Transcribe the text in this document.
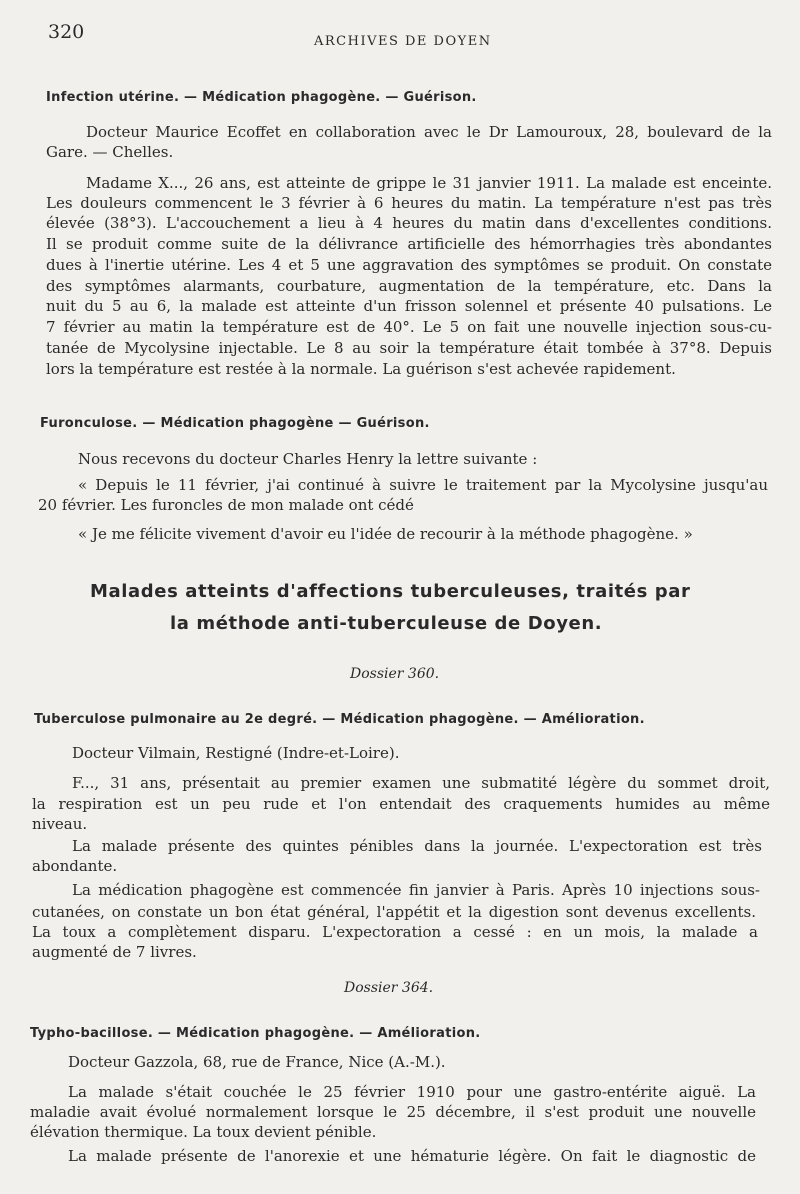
320	ARCHIVES DE DOYEN
Infection utérine. — Médication phagogène. — Guérison.
Docteur Maurice Ecoffet en collaboration avec le Dr Lamouroux, 28, boulevard de la
Gare. — Chelles.
Madame X..., 26 ans, est atteinte de grippe le 31 janvier 1911. La malade est enceinte.
Les douleurs commencent le 3 février à 6 heures du matin. La température n'est pas très
élevée (38°3). L'accouchement a lieu à 4 heures du matin dans d'excellentes conditions.
Il se produit comme suite de la délivrance artificielle des hémorrhagies très abondantes
dues à l'inertie utérine. Les 4 et 5 une aggravation des symptômes se produit. On constate
des symptômes alarmants, courbature, augmentation de la température, etc. Dans la
nuit du 5 au 6, la malade est atteinte d'un frisson solennel et présente 40 pulsations. Le
7 février au matin la température est de 40°. Le 5 on fait une nouvelle injection sous-cu-
tanée de Mycolysine injectable. Le 8 au soir la température était tombée à 37°8. Depuis
lors la température est restée à la normale. La guérison s'est achevée rapidement.
Furonculose. — Médication phagogène — Guérison.
Nous recevons du docteur Charles Henry la lettre suivante :
« Depuis le 11 février, j'ai continué à suivre le traitement par la Mycolysine jusqu'au
20 février. Les furoncles de mon malade ont cédé
« Je me félicite vivement d'avoir eu l'idée de recourir à la méthode phagogène. »
Malades atteints d'affections tuberculeuses, traités par
la méthode anti-tuberculeuse de Doyen.
Dossier 360.
Tuberculose pulmonaire au 2e degré. — Médication phagogène. — Amélioration.
Docteur Vilmain, Restigné (Indre-et-Loire).
F..., 31 ans, présentait au premier examen une submatité légère du sommet droit,
la respiration est un peu rude et l'on entendait des craquements humides au même
niveau.
La malade présente des quintes pénibles dans la journée. L'expectoration est très
abondante.
La médication phagogène est commencée fin janvier à Paris. Après 10 injections sous-
cutanées, on constate un bon état général, l'appétit et la digestion sont devenus excellents.
La toux a complètement disparu. L'expectoration a cessé : en un mois, la malade a
augmenté de 7 livres.
Dossier 364.
Typho-bacillose. — Médication phagogène. — Amélioration.
Docteur Gazzola, 68, rue de France, Nice (A.-M.).
La malade s'était couchée le 25 février 1910 pour une gastro-entérite aiguë. La
maladie avait évolué normalement lorsque le 25 décembre, il s'est produit une nouvelle
élévation thermique. La toux devient pénible.
La malade présente de l'anorexie et une hématurie légère. On fait le diagnostic de
